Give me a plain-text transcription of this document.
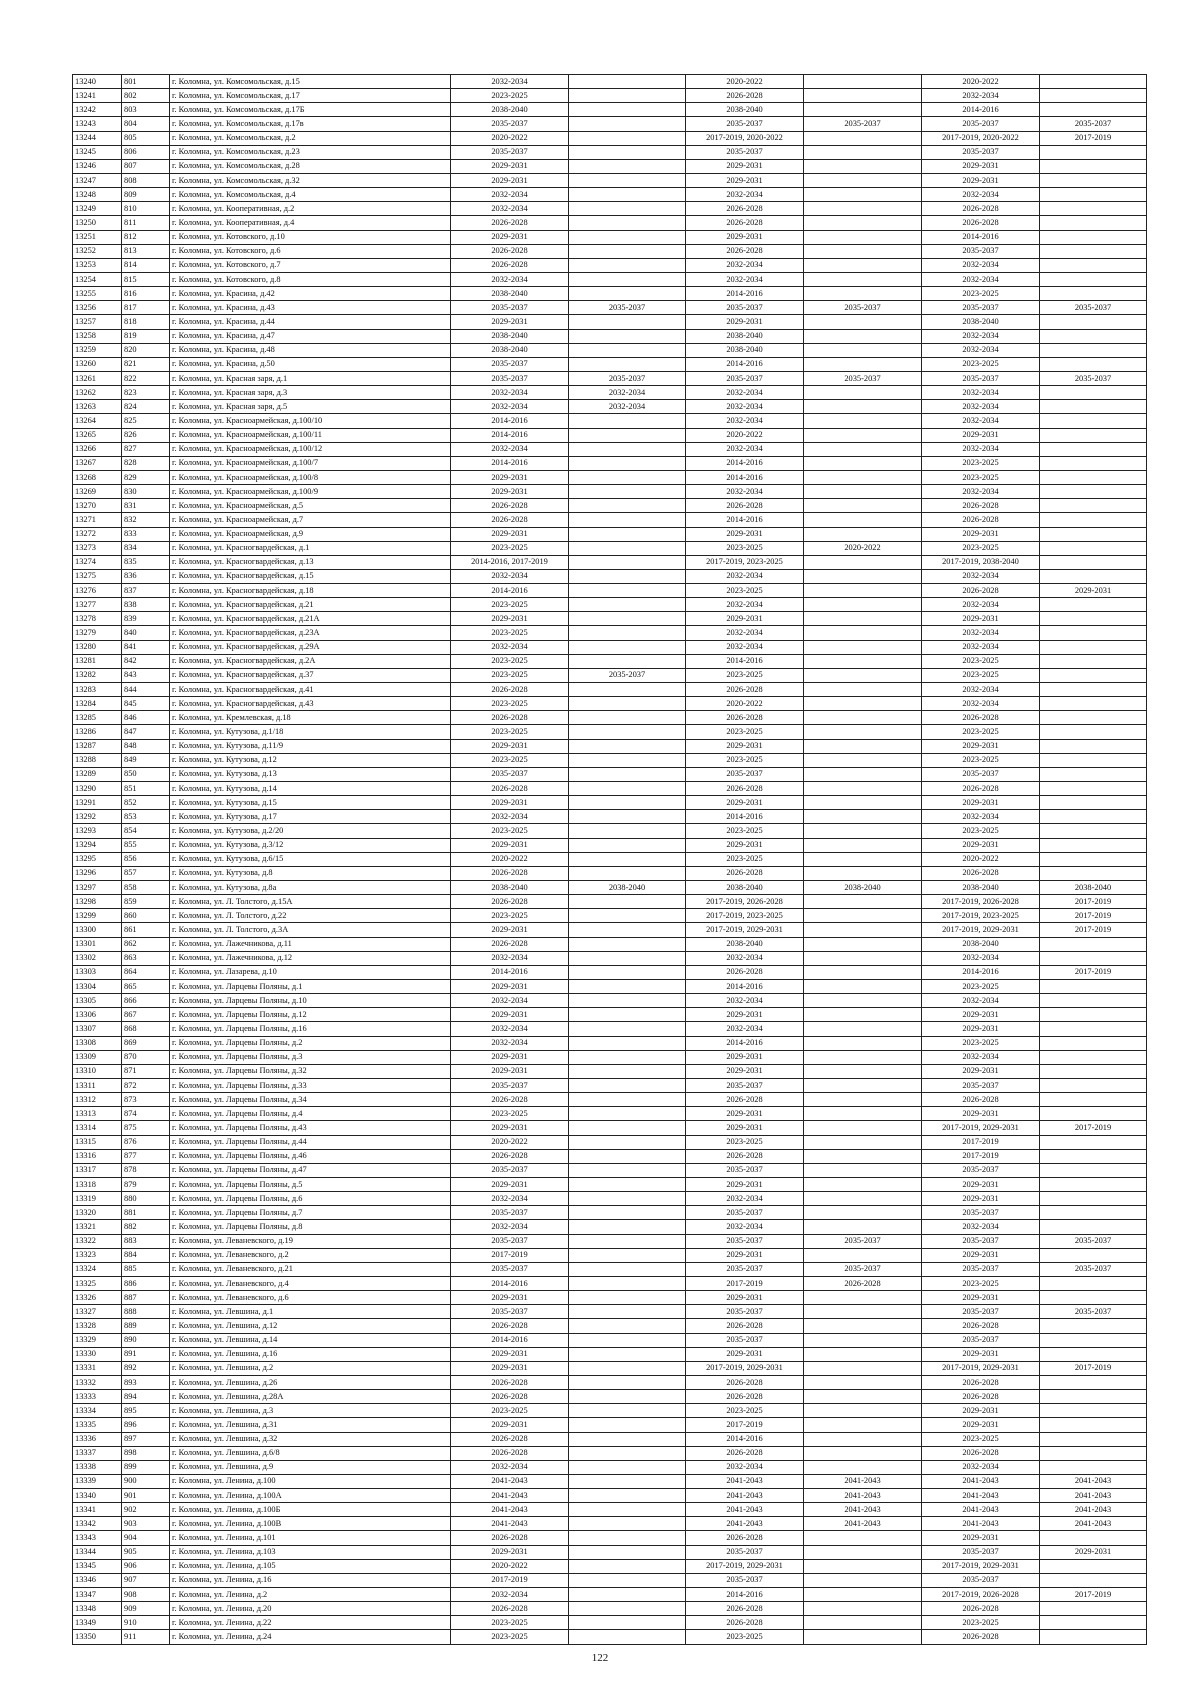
13240	801	г. Коломна, ул. Комсомольская, д.15	2032-2034		2020-2022		2020-2022	
13241	802	г. Коломна, ул. Комсомольская, д.17	2023-2025		2026-2028		2032-2034	
13242	803	г. Коломна, ул. Комсомольская, д.17Б	2038-2040		2038-2040		2014-2016	
13243	804	г. Коломна, ул. Комсомольская, д.17в	2035-2037		2035-2037	2035-2037	2035-2037	2035-2037
13244	805	г. Коломна, ул. Комсомольская, д.2	2020-2022		2017-2019, 2020-2022		2017-2019, 2020-2022	2017-2019
13245	806	г. Коломна, ул. Комсомольская, д.23	2035-2037		2035-2037		2035-2037	
13246	807	г. Коломна, ул. Комсомольская, д.28	2029-2031		2029-2031		2029-2031	
13247	808	г. Коломна, ул. Комсомольская, д.32	2029-2031		2029-2031		2029-2031	
13248	809	г. Коломна, ул. Комсомольская, д.4	2032-2034		2032-2034		2032-2034	
13249	810	г. Коломна, ул. Кооперативная, д.2	2032-2034		2026-2028		2026-2028	
13250	811	г. Коломна, ул. Кооперативная, д.4	2026-2028		2026-2028		2026-2028	
13251	812	г. Коломна, ул. Котовского, д.10	2029-2031		2029-2031		2014-2016	
13252	813	г. Коломна, ул. Котовского, д.6	2026-2028		2026-2028		2035-2037	
13253	814	г. Коломна, ул. Котовского, д.7	2026-2028		2032-2034		2032-2034	
13254	815	г. Коломна, ул. Котовского, д.8	2032-2034		2032-2034		2032-2034	
13255	816	г. Коломна, ул. Красина, д.42	2038-2040		2014-2016		2023-2025	
13256	817	г. Коломна, ул. Красина, д.43	2035-2037	2035-2037	2035-2037	2035-2037	2035-2037	2035-2037
13257	818	г. Коломна, ул. Красина, д.44	2029-2031		2029-2031		2038-2040	
13258	819	г. Коломна, ул. Красина, д.47	2038-2040		2038-2040		2032-2034	
13259	820	г. Коломна, ул. Красина, д.48	2038-2040		2038-2040		2032-2034	
13260	821	г. Коломна, ул. Красина, д.50	2035-2037		2014-2016		2023-2025	
13261	822	г. Коломна, ул. Красная заря, д.1	2035-2037	2035-2037	2035-2037	2035-2037	2035-2037	2035-2037
13262	823	г. Коломна, ул. Красная заря, д.3	2032-2034	2032-2034	2032-2034		2032-2034	
13263	824	г. Коломна, ул. Красная заря, д.5	2032-2034	2032-2034	2032-2034		2032-2034	
13264	825	г. Коломна, ул. Красноармейская, д.100/10	2014-2016		2032-2034		2032-2034	
13265	826	г. Коломна, ул. Красноармейская, д.100/11	2014-2016		2020-2022		2029-2031	
13266	827	г. Коломна, ул. Красноармейская, д.100/12	2032-2034		2032-2034		2032-2034	
13267	828	г. Коломна, ул. Красноармейская, д.100/7	2014-2016		2014-2016		2023-2025	
13268	829	г. Коломна, ул. Красноармейская, д.100/8	2029-2031		2014-2016		2023-2025	
13269	830	г. Коломна, ул. Красноармейская, д.100/9	2029-2031		2032-2034		2032-2034	
13270	831	г. Коломна, ул. Красноармейская, д.5	2026-2028		2026-2028		2026-2028	
13271	832	г. Коломна, ул. Красноармейская, д.7	2026-2028		2014-2016		2026-2028	
13272	833	г. Коломна, ул. Красноармейская, д.9	2029-2031		2029-2031		2029-2031	
13273	834	г. Коломна, ул. Красногвардейская, д.1	2023-2025		2023-2025	2020-2022	2023-2025	
13274	835	г. Коломна, ул. Красногвардейская, д.13	2014-2016, 2017-2019		2017-2019, 2023-2025		2017-2019, 2038-2040	
13275	836	г. Коломна, ул. Красногвардейская, д.15	2032-2034		2032-2034		2032-2034	
13276	837	г. Коломна, ул. Красногвардейская, д.18	2014-2016		2023-2025		2026-2028	2029-2031
13277	838	г. Коломна, ул. Красногвардейская, д.21	2023-2025		2032-2034		2032-2034	
13278	839	г. Коломна, ул. Красногвардейская, д.21А	2029-2031		2029-2031		2029-2031	
13279	840	г. Коломна, ул. Красногвардейская, д.23А	2023-2025		2032-2034		2032-2034	
13280	841	г. Коломна, ул. Красногвардейская, д.29А	2032-2034		2032-2034		2032-2034	
13281	842	г. Коломна, ул. Красногвардейская, д.2А	2023-2025		2014-2016		2023-2025	
13282	843	г. Коломна, ул. Красногвардейская, д.37	2023-2025	2035-2037	2023-2025		2023-2025	
13283	844	г. Коломна, ул. Красногвардейская, д.41	2026-2028		2026-2028		2032-2034	
13284	845	г. Коломна, ул. Красногвардейская, д.43	2023-2025		2020-2022		2032-2034	
13285	846	г. Коломна, ул. Кремлевская, д.18	2026-2028		2026-2028		2026-2028	
13286	847	г. Коломна, ул. Кутузова, д.1/18	2023-2025		2023-2025		2023-2025	
13287	848	г. Коломна, ул. Кутузова, д.11/9	2029-2031		2029-2031		2029-2031	
13288	849	г. Коломна, ул. Кутузова, д.12	2023-2025		2023-2025		2023-2025	
13289	850	г. Коломна, ул. Кутузова, д.13	2035-2037		2035-2037		2035-2037	
13290	851	г. Коломна, ул. Кутузова, д.14	2026-2028		2026-2028		2026-2028	
13291	852	г. Коломна, ул. Кутузова, д.15	2029-2031		2029-2031		2029-2031	
13292	853	г. Коломна, ул. Кутузова, д.17	2032-2034		2014-2016		2032-2034	
13293	854	г. Коломна, ул. Кутузова, д.2/20	2023-2025		2023-2025		2023-2025	
13294	855	г. Коломна, ул. Кутузова, д.3/12	2029-2031		2029-2031		2029-2031	
13295	856	г. Коломна, ул. Кутузова, д.6/15	2020-2022		2023-2025		2020-2022	
13296	857	г. Коломна, ул. Кутузова, д.8	2026-2028		2026-2028		2026-2028	
13297	858	г. Коломна, ул. Кутузова, д.8а	2038-2040	2038-2040	2038-2040	2038-2040	2038-2040	2038-2040
13298	859	г. Коломна, ул. Л. Толстого, д.15А	2026-2028		2017-2019, 2026-2028		2017-2019, 2026-2028	2017-2019
13299	860	г. Коломна, ул. Л. Толстого, д.22	2023-2025		2017-2019, 2023-2025		2017-2019, 2023-2025	2017-2019
13300	861	г. Коломна, ул. Л. Толстого, д.3А	2029-2031		2017-2019, 2029-2031		2017-2019, 2029-2031	2017-2019
13301	862	г. Коломна, ул. Лажечникова, д.11	2026-2028		2038-2040		2038-2040	
13302	863	г. Коломна, ул. Лажечникова, д.12	2032-2034		2032-2034		2032-2034	
13303	864	г. Коломна, ул. Лазарева, д.10	2014-2016		2026-2028		2014-2016	2017-2019
13304	865	г. Коломна, ул. Ларцевы Поляны, д.1	2029-2031		2014-2016		2023-2025	
13305	866	г. Коломна, ул. Ларцевы Поляны, д.10	2032-2034		2032-2034		2032-2034	
13306	867	г. Коломна, ул. Ларцевы Поляны, д.12	2029-2031		2029-2031		2029-2031	
13307	868	г. Коломна, ул. Ларцевы Поляны, д.16	2032-2034		2032-2034		2029-2031	
13308	869	г. Коломна, ул. Ларцевы Поляны, д.2	2032-2034		2014-2016		2023-2025	
13309	870	г. Коломна, ул. Ларцевы Поляны, д.3	2029-2031		2029-2031		2032-2034	
13310	871	г. Коломна, ул. Ларцевы Поляны, д.32	2029-2031		2029-2031		2029-2031	
13311	872	г. Коломна, ул. Ларцевы Поляны, д.33	2035-2037		2035-2037		2035-2037	
13312	873	г. Коломна, ул. Ларцевы Поляны, д.34	2026-2028		2026-2028		2026-2028	
13313	874	г. Коломна, ул. Ларцевы Поляны, д.4	2023-2025		2029-2031		2029-2031	
13314	875	г. Коломна, ул. Ларцевы Поляны, д.43	2029-2031		2029-2031		2017-2019, 2029-2031	2017-2019
13315	876	г. Коломна, ул. Ларцевы Поляны, д.44	2020-2022		2023-2025		2017-2019	
13316	877	г. Коломна, ул. Ларцевы Поляны, д.46	2026-2028		2026-2028		2017-2019	
13317	878	г. Коломна, ул. Ларцевы Поляны, д.47	2035-2037		2035-2037		2035-2037	
13318	879	г. Коломна, ул. Ларцевы Поляны, д.5	2029-2031		2029-2031		2029-2031	
13319	880	г. Коломна, ул. Ларцевы Поляны, д.6	2032-2034		2032-2034		2029-2031	
13320	881	г. Коломна, ул. Ларцевы Поляны, д.7	2035-2037		2035-2037		2035-2037	
13321	882	г. Коломна, ул. Ларцевы Поляны, д.8	2032-2034		2032-2034		2032-2034	
13322	883	г. Коломна, ул. Леваневского, д.19	2035-2037		2035-2037	2035-2037	2035-2037	2035-2037
13323	884	г. Коломна, ул. Леваневского, д.2	2017-2019		2029-2031		2029-2031	
13324	885	г. Коломна, ул. Леваневского, д.21	2035-2037		2035-2037	2035-2037	2035-2037	2035-2037
13325	886	г. Коломна, ул. Леваневского, д.4	2014-2016		2017-2019	2026-2028	2023-2025	
13326	887	г. Коломна, ул. Леваневского, д.6	2029-2031		2029-2031		2029-2031	
13327	888	г. Коломна, ул. Левшина, д.1	2035-2037		2035-2037		2035-2037	2035-2037
13328	889	г. Коломна, ул. Левшина, д.12	2026-2028		2026-2028		2026-2028	
13329	890	г. Коломна, ул. Левшина, д.14	2014-2016		2035-2037		2035-2037	
13330	891	г. Коломна, ул. Левшина, д.16	2029-2031		2029-2031		2029-2031	
13331	892	г. Коломна, ул. Левшина, д.2	2029-2031		2017-2019, 2029-2031		2017-2019, 2029-2031	2017-2019
13332	893	г. Коломна, ул. Левшина, д.26	2026-2028		2026-2028		2026-2028	
13333	894	г. Коломна, ул. Левшина, д.28А	2026-2028		2026-2028		2026-2028	
13334	895	г. Коломна, ул. Левшина, д.3	2023-2025		2023-2025		2029-2031	
13335	896	г. Коломна, ул. Левшина, д.31	2029-2031		2017-2019		2029-2031	
13336	897	г. Коломна, ул. Левшина, д.32	2026-2028		2014-2016		2023-2025	
13337	898	г. Коломна, ул. Левшина, д.6/8	2026-2028		2026-2028		2026-2028	
13338	899	г. Коломна, ул. Левшина, д.9	2032-2034		2032-2034		2032-2034	
13339	900	г. Коломна, ул. Ленина, д.100	2041-2043		2041-2043	2041-2043	2041-2043	2041-2043
13340	901	г. Коломна, ул. Ленина, д.100А	2041-2043		2041-2043	2041-2043	2041-2043	2041-2043
13341	902	г. Коломна, ул. Ленина, д.100Б	2041-2043		2041-2043	2041-2043	2041-2043	2041-2043
13342	903	г. Коломна, ул. Ленина, д.100В	2041-2043		2041-2043	2041-2043	2041-2043	2041-2043
13343	904	г. Коломна, ул. Ленина, д.101	2026-2028		2026-2028		2029-2031	
13344	905	г. Коломна, ул. Ленина, д.103	2029-2031		2035-2037		2035-2037	2029-2031
13345	906	г. Коломна, ул. Ленина, д.105	2020-2022		2017-2019, 2029-2031		2017-2019, 2029-2031	
13346	907	г. Коломна, ул. Ленина, д.16	2017-2019		2035-2037		2035-2037	
13347	908	г. Коломна, ул. Ленина, д.2	2032-2034		2014-2016		2017-2019, 2026-2028	2017-2019
13348	909	г. Коломна, ул. Ленина, д.20	2026-2028		2026-2028		2026-2028	
13349	910	г. Коломна, ул. Ленина, д.22	2023-2025		2026-2028		2023-2025	
13350	911	г. Коломна, ул. Ленина, д.24	2023-2025		2023-2025		2026-2028	
122
